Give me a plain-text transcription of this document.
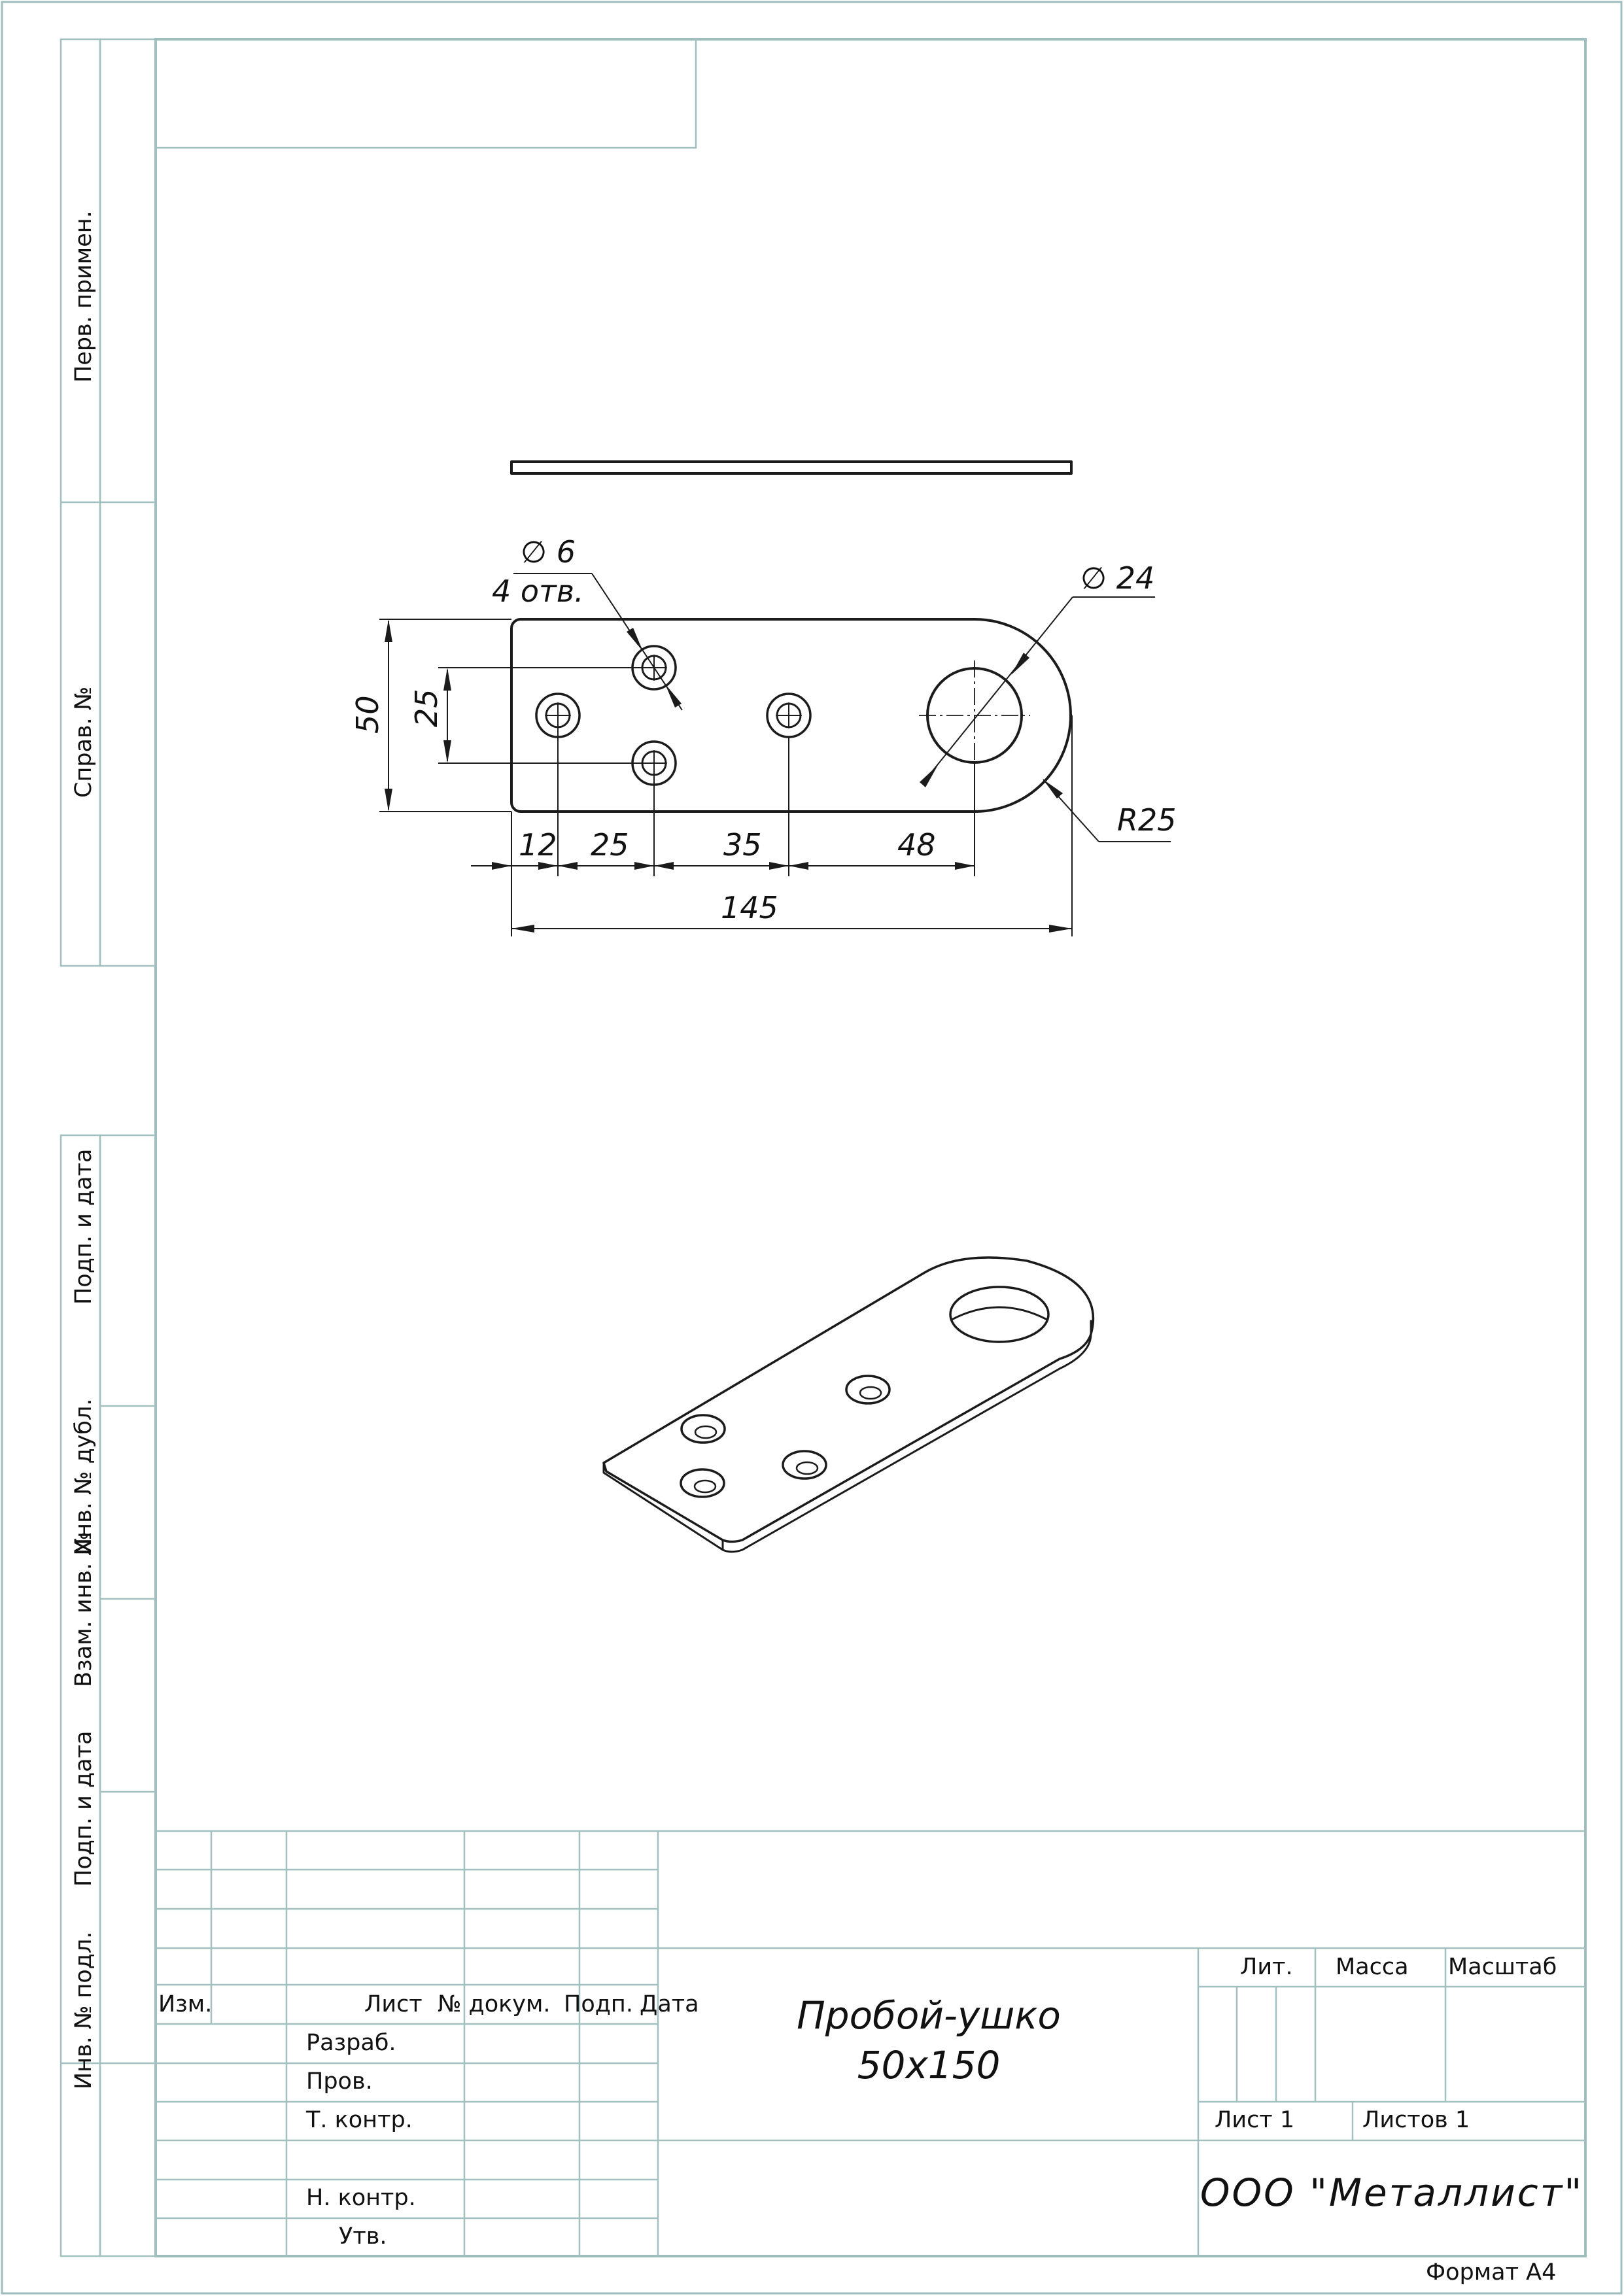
Перв. примен.
Справ. №
Подп. и дата
Инв. № дубл.
Взам. инв. №
Подп. и дата
Инв. № подл.
∅ 6
4 отв.	∅ 24
50 25
R25
12 25	35	48
145
Изм.	Лист № докум. Подп. Дата
Разраб.
Пров.
Т. контр.
Н. контр.
Утв.
Пробой-ушко
50х150
Лит. Масса Масштаб
Лист 1	Листов 1
ООО "Металлист"
Формат А4
